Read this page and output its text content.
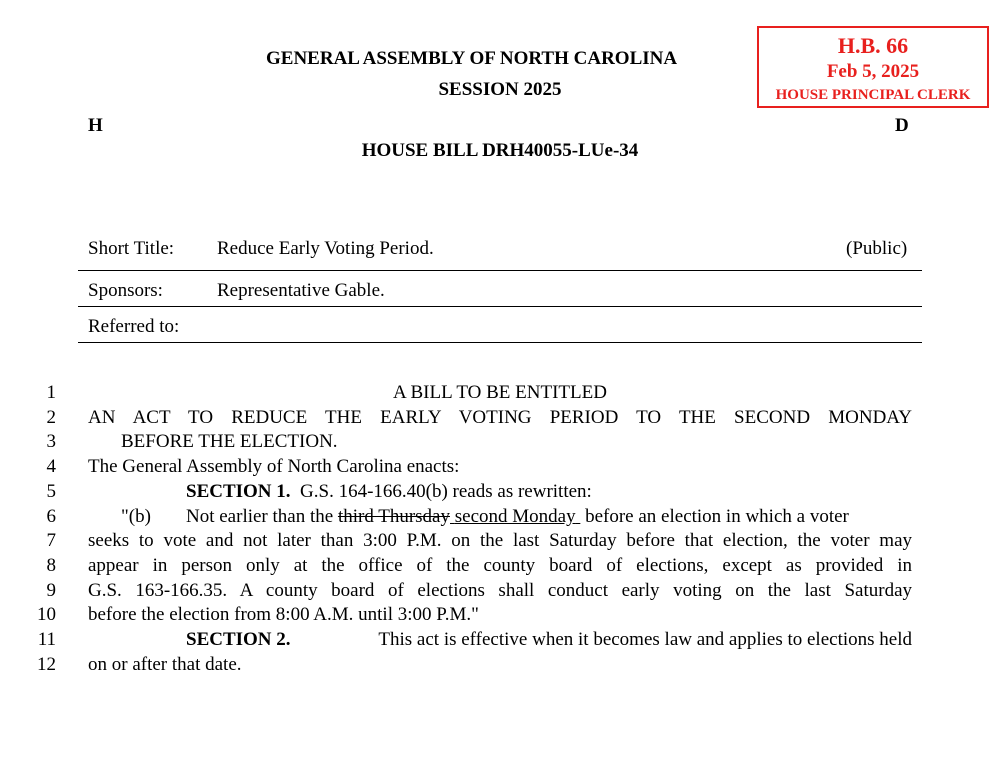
H.B. 66
Feb 5, 2025
HOUSE PRINCIPAL CLERK
GENERAL ASSEMBLY OF NORTH CAROLINA
SESSION 2025
H	D
HOUSE BILL DRH40055-LUe-34
Short Title: Reduce Early Voting Period.	(Public)
Sponsors:	Representative Gable.
Referred to:
1
2
3
4
5
6
7
8
9
10
11
12
A BILL TO BE ENTITLED
AN ACT TO REDUCE THE EARLY VOTING PERIOD TO THE SECOND MONDAY
BEFORE THE ELECTION.
The General Assembly of North Carolina enacts:
SECTION 1. G.S. 164-166.40(b) reads as rewritten:
"(b) Not earlier than the third Thursday second Monday before an election in which a voter
seeks to vote and not later than 3:00 P.M. on the last Saturday before that election, the voter may
appear in person only at the office of the county board of elections, except as provided in
G.S. 163-166.35. A county board of elections shall conduct early voting on the last Saturday
before the election from 8:00 A.M. until 3:00 P.M."
SECTION 2.	This act is effective when it becomes law and applies to elections held
on or after that date.
